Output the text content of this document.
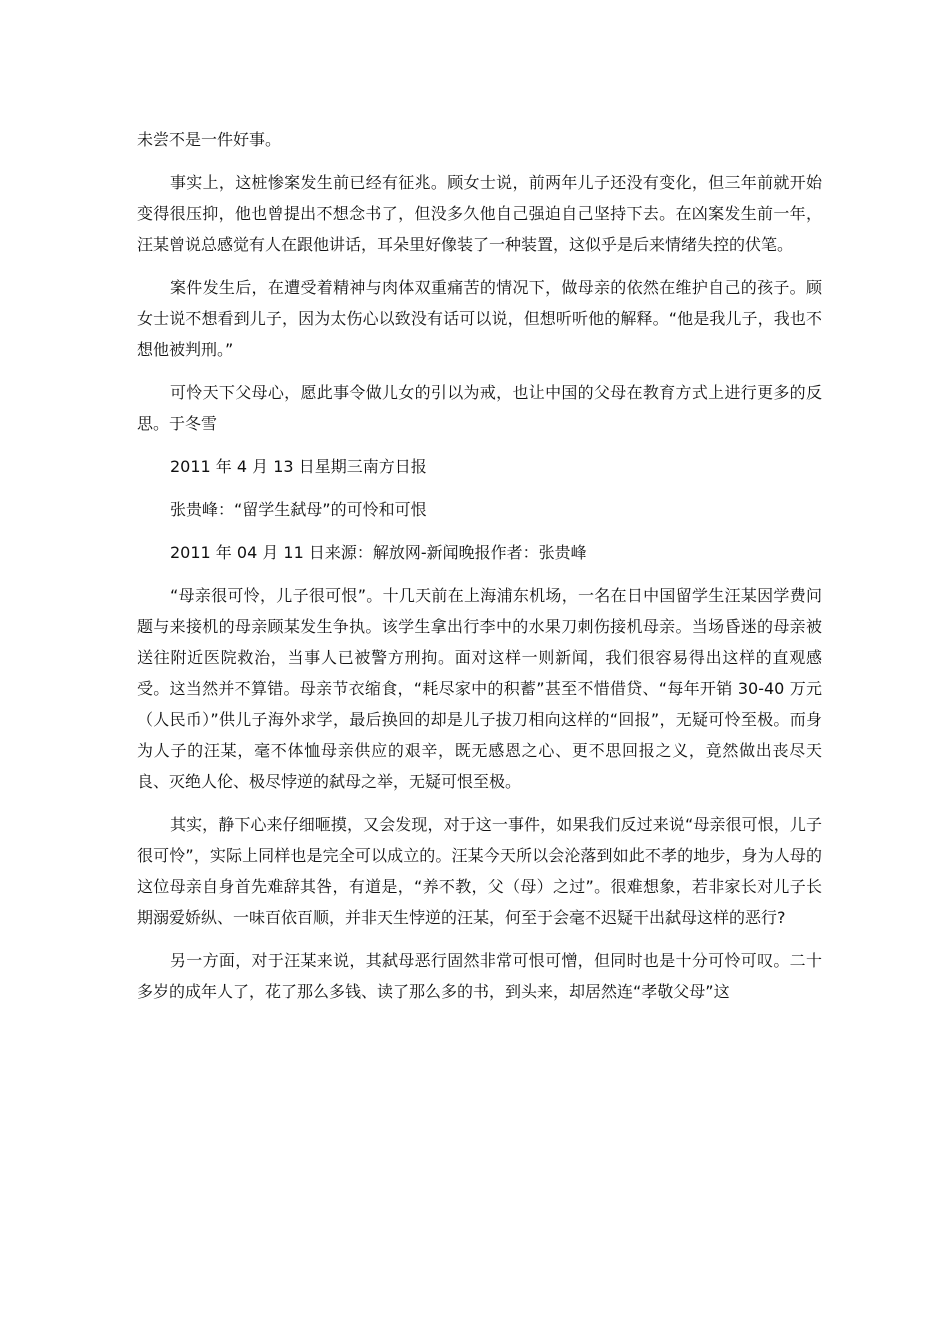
未尝不是一件好事。

事实上，这桩惨案发生前已经有征兆。顾女士说，前两年儿子还没有变化，但三年前就开始变得很压抑，他也曾提出不想念书了，但没多久他自己强迫自己坚持下去。在凶案发生前一年，汪某曾说总感觉有人在跟他讲话，耳朵里好像装了一种装置，这似乎是后来情绪失控的伏笔。

案件发生后，在遭受着精神与肉体双重痛苦的情况下，做母亲的依然在维护自己的孩子。顾女士说不想看到儿子，因为太伤心以致没有话可以说，但想听听他的解释。“他是我儿子，我也不想他被判刑。”

可怜天下父母心，愿此事令做儿女的引以为戒，也让中国的父母在教育方式上进行更多的反思。于冬雪

2011 年 4 月 13 日星期三南方日报

张贵峰：“留学生弑母”的可怜和可恨

2011 年 04 月 11 日来源：解放网-新闻晚报作者：张贵峰

“母亲很可怜，儿子很可恨”。十几天前在上海浦东机场，一名在日中国留学生汪某因学费问题与来接机的母亲顾某发生争执。该学生拿出行李中的水果刀刺伤接机母亲。当场昏迷的母亲被送往附近医院救治，当事人已被警方刑拘。面对这样一则新闻，我们很容易得出这样的直观感受。这当然并不算错。母亲节衣缩食，“耗尽家中的积蓄”甚至不惜借贷、“每年开销 30-40 万元（人民币）”供儿子海外求学，最后换回的却是儿子拔刀相向这样的“回报”，无疑可怜至极。而身为人子的汪某，毫不体恤母亲供应的艰辛，既无感恩之心、更不思回报之义，竟然做出丧尽天良、灭绝人伦、极尽悖逆的弑母之举，无疑可恨至极。

其实，静下心来仔细咂摸，又会发现，对于这一事件，如果我们反过来说“母亲很可恨，儿子很可怜”，实际上同样也是完全可以成立的。汪某今天所以会沦落到如此不孝的地步，身为人母的这位母亲自身首先难辞其咎，有道是，“养不教，父（母）之过”。很难想象，若非家长对儿子长期溺爱娇纵、一味百依百顺，并非天生悖逆的汪某，何至于会毫不迟疑干出弑母这样的恶行?

另一方面，对于汪某来说，其弑母恶行固然非常可恨可憎，但同时也是十分可怜可叹。二十多岁的成年人了，花了那么多钱、读了那么多的书，到头来，却居然连“孝敬父母”这
